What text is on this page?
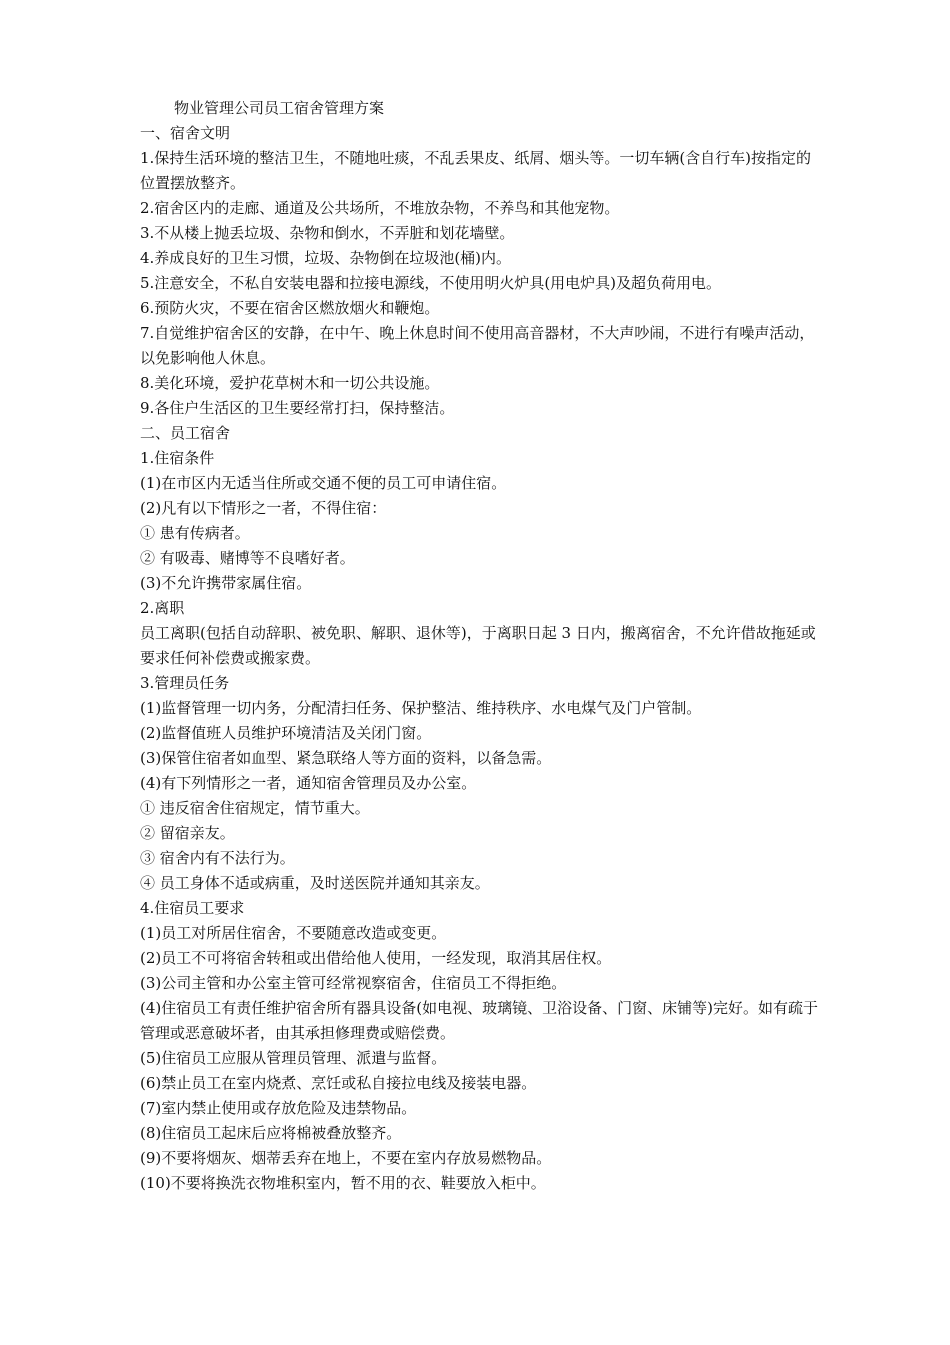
物业管理公司员工宿舍管理方案
一、宿舍文明
1.保持生活环境的整洁卫生，不随地吐痰，不乱丢果皮、纸屑、烟头等。一切车辆(含自行车)按指定的位置摆放整齐。
2.宿舍区内的走廊、通道及公共场所，不堆放杂物，不养鸟和其他宠物。
3.不从楼上抛丢垃圾、杂物和倒水，不弄脏和划花墙壁。
4.养成良好的卫生习惯，垃圾、杂物倒在垃圾池(桶)内。
5.注意安全，不私自安装电器和拉接电源线，不使用明火炉具(用电炉具)及超负荷用电。
6.预防火灾，不要在宿舍区燃放烟火和鞭炮。
7.自觉维护宿舍区的安静，在中午、晚上休息时间不使用高音器材，不大声吵闹，不进行有噪声活动，以免影响他人休息。
8.美化环境，爱护花草树木和一切公共设施。
9.各住户生活区的卫生要经常打扫，保持整洁。
二、员工宿舍
1.住宿条件
(1)在市区内无适当住所或交通不便的员工可申请住宿。
(2)凡有以下情形之一者，不得住宿：
① 患有传病者。
② 有吸毒、赌博等不良嗜好者。
(3)不允许携带家属住宿。
2.离职
员工离职(包括自动辞职、被免职、解职、退休等)，于离职日起 3 日内，搬离宿舍，不允许借故拖延或要求任何补偿费或搬家费。
3.管理员任务
(1)监督管理一切内务，分配清扫任务、保护整洁、维持秩序、水电煤气及门户管制。
(2)监督值班人员维护环境清洁及关闭门窗。
(3)保管住宿者如血型、紧急联络人等方面的资料，以备急需。
(4)有下列情形之一者，通知宿舍管理员及办公室。
① 违反宿舍住宿规定，情节重大。
② 留宿亲友。
③ 宿舍内有不法行为。
④ 员工身体不适或病重，及时送医院并通知其亲友。
4.住宿员工要求
(1)员工对所居住宿舍，不要随意改造或变更。
(2)员工不可将宿舍转租或出借给他人使用，一经发现，取消其居住权。
(3)公司主管和办公室主管可经常视察宿舍，住宿员工不得拒绝。
(4)住宿员工有责任维护宿舍所有器具设备(如电视、玻璃镜、卫浴设备、门窗、床铺等)完好。如有疏于管理或恶意破坏者，由其承担修理费或赔偿费。
(5)住宿员工应服从管理员管理、派遣与监督。
(6)禁止员工在室内烧煮、烹饪或私自接拉电线及接装电器。
(7)室内禁止使用或存放危险及违禁物品。
(8)住宿员工起床后应将棉被叠放整齐。
(9)不要将烟灰、烟蒂丢弃在地上，不要在室内存放易燃物品。
(10)不要将换洗衣物堆积室内，暂不用的衣、鞋要放入柜中。
